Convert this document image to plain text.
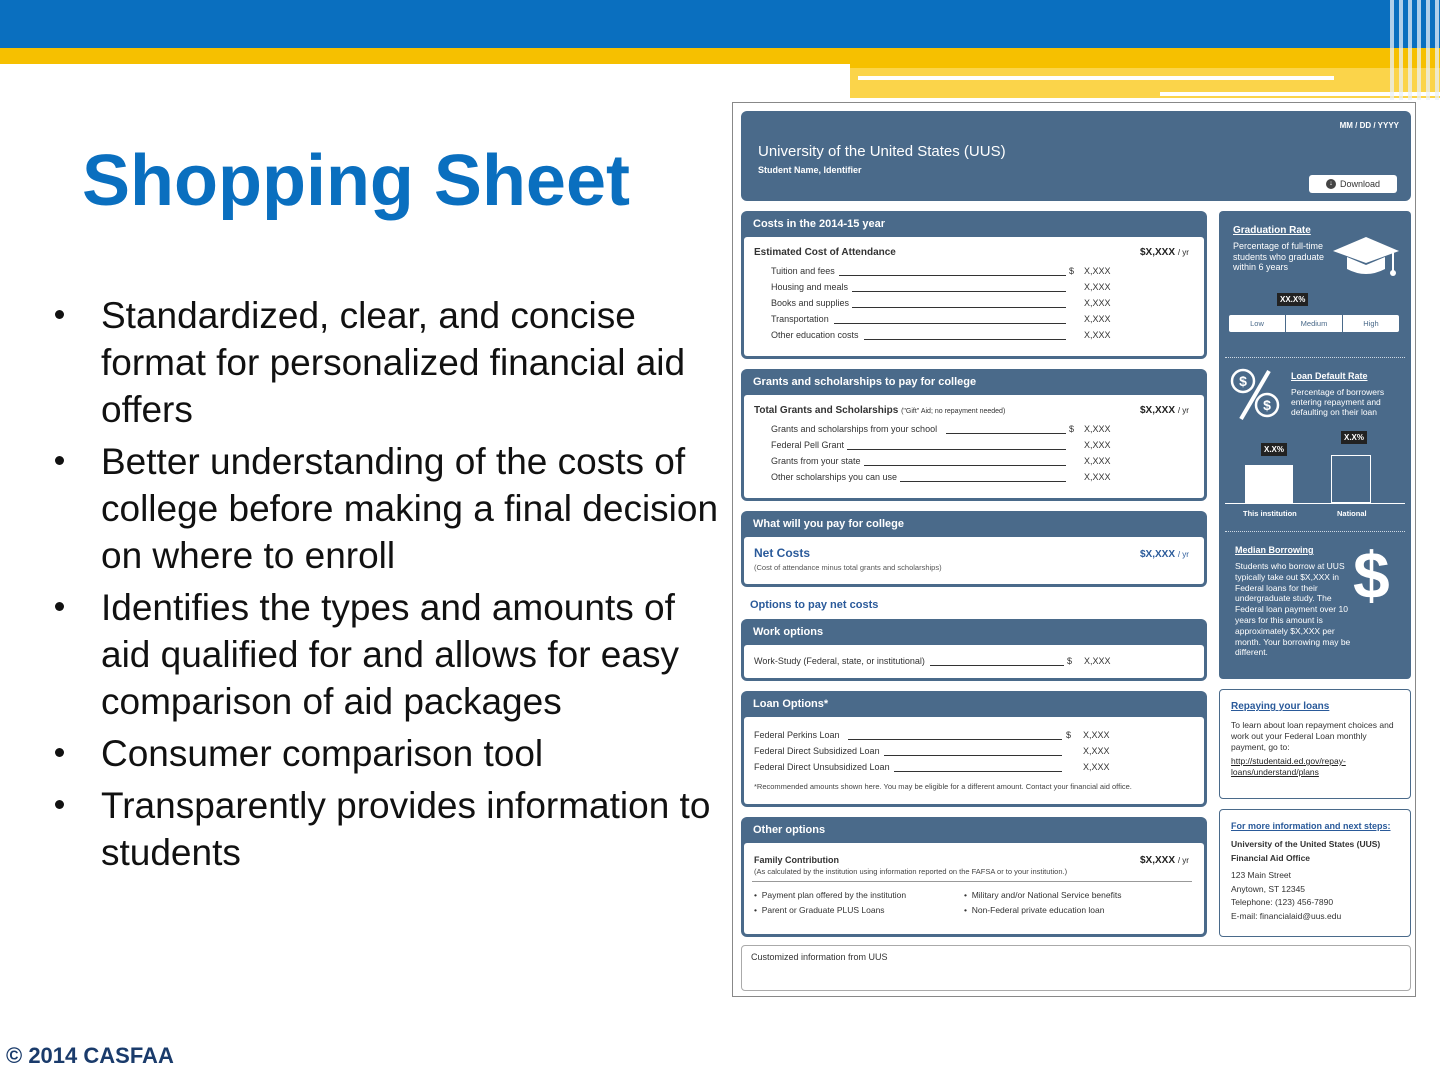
Shopping Sheet
Standardized, clear, and concise format for personalized financial aid offers
Better understanding of the costs of college before making a final decision on where to enroll
Identifies the types and amounts of aid qualified for and allows for easy comparison of aid packages
Consumer comparison tool
Transparently provides information to students
© 2014 CASFAA
MM / DD / YYYY
University of the United States (UUS)
Student Name, Identifier
↓ Download
Costs in the 2014-15 year
Estimated Cost of Attendance	$X,XXX / yr
Tuition and fees	$ X,XXX
Housing and meals	X,XXX
Books and supplies	X,XXX
Transportation	X,XXX
Other education costs	X,XXX
Grants and scholarships to pay for college
Total Grants and Scholarships ("Gift" Aid; no repayment needed)	$X,XXX / yr
Grants and scholarships from your school	$ X,XXX
Federal Pell Grant	X,XXX
Grants from your state	X,XXX
Other scholarships you can use	X,XXX
What will you pay for college
Net Costs
(Cost of attendance minus total grants and scholarships)
$X,XXX / yr
Options to pay net costs
Work options
Work-Study (Federal, state, or institutional)	$ X,XXX
Loan Options*
Federal Perkins Loan	$ X,XXX
Federal Direct Subsidized Loan	X,XXX
Federal Direct Unsubsidized Loan	X,XXX
*Recommended amounts shown here. You may be eligible for a different amount. Contact your financial aid office.
Other options
Family Contribution
(As calculated by the institution using information reported on the FAFSA or to your institution.)
$X,XXX / yr
•  Payment plan offered by the institution
•  Parent or Graduate PLUS Loans
•  Military and/or National Service benefits
•  Non-Federal private education loan

Customized information from UUS

Graduation Rate

Percentage of full-time students who graduate within 6 years

XX.X%
Low	Medium	High
$
$
Loan Default Rate

Percentage of borrowers entering repayment and defaulting on their loan

X.X%
X.X%
This institution	National
Median Borrowing

Students who borrow at UUS typically take out $X,XXX in Federal loans for their undergraduate study. The Federal loan payment over 10 years for this amount is approximately $X,XXX per month. Your borrowing may be different.

$
Repaying your loans

To learn about loan repayment choices and work out your Federal Loan monthly payment, go to:

http://studentaid.ed.gov/repay-loans/understand/plans

For more information and next steps:

University of the United States (UUS)

Financial Aid Office

123 Main Street

Anytown, ST 12345

Telephone: (123) 456-7890

E-mail: financialaid@uus.edu
